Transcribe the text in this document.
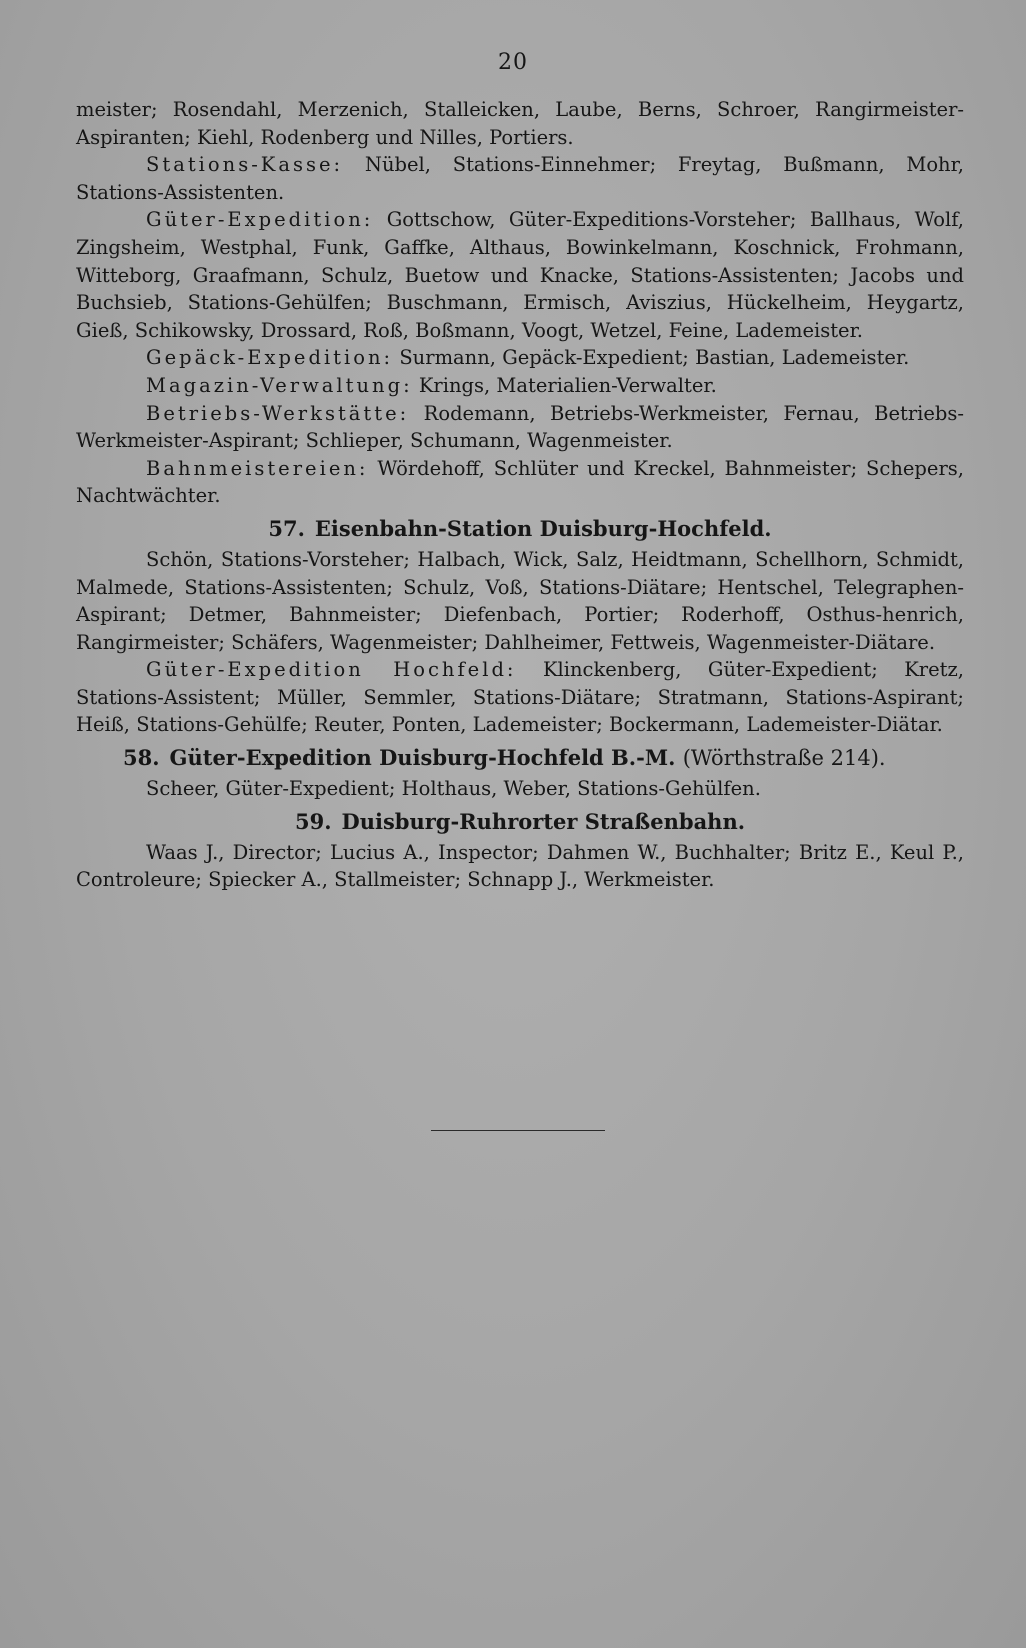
20

meister; Rosendahl, Merzenich, Stalleicken, Laube, Berns, Schroer, Rangirmeister-Aspiranten; Kiehl, Rodenberg und Nilles, Portiers.

Stations-Kasse: Nübel, Stations-Einnehmer; Freytag, Bußmann, Mohr, Stations-Assistenten.

Güter-Expedition: Gottschow, Güter-Expeditions-Vorsteher; Ballhaus, Wolf, Zingsheim, Westphal, Funk, Gaffke, Althaus, Bowinkelmann, Koschnick, Frohmann, Witteborg, Graafmann, Schulz, Buetow und Knacke, Stations-Assistenten; Jacobs und Buchsieb, Stations-Gehülfen; Buschmann, Ermisch, Aviszius, Hückelheim, Heygartz, Gieß, Schikowsky, Drossard, Roß, Boßmann, Voogt, Wetzel, Feine, Lademeister.

Gepäck-Expedition: Surmann, Gepäck-Expedient; Bastian, Lademeister.

Magazin-Verwaltung: Krings, Materialien-Verwalter.

Betriebs-Werkstätte: Rodemann, Betriebs-Werkmeister, Fernau, Betriebs-Werkmeister-Aspirant; Schlieper, Schumann, Wagenmeister.

Bahnmeistereien: Wördehoff, Schlüter und Kreckel, Bahnmeister; Schepers, Nachtwächter.

57. Eisenbahn-Station Duisburg-Hochfeld.

Schön, Stations-Vorsteher; Halbach, Wick, Salz, Heidtmann, Schellhorn, Schmidt, Malmede, Stations-Assistenten; Schulz, Voß, Stations-Diätare; Hentschel, Telegraphen-Aspirant; Detmer, Bahnmeister; Diefenbach, Portier; Roderhoff, Osthus-henrich, Rangirmeister; Schäfers, Wagenmeister; Dahlheimer, Fettweis, Wagenmeister-Diätare.

Güter-Expedition Hochfeld: Klinckenberg, Güter-Expedient; Kretz, Stations-Assistent; Müller, Semmler, Stations-Diätare; Stratmann, Stations-Aspirant; Heiß, Stations-Gehülfe; Reuter, Ponten, Lademeister; Bockermann, Lademeister-Diätar.

58. Güter-Expedition Duisburg-Hochfeld B.-M. (Wörthstraße 214).

Scheer, Güter-Expedient; Holthaus, Weber, Stations-Gehülfen.

59. Duisburg-Ruhrorter Straßenbahn.

Waas J., Director; Lucius A., Inspector; Dahmen W., Buchhalter; Britz E., Keul P., Controleure; Spiecker A., Stallmeister; Schnapp J., Werkmeister.
